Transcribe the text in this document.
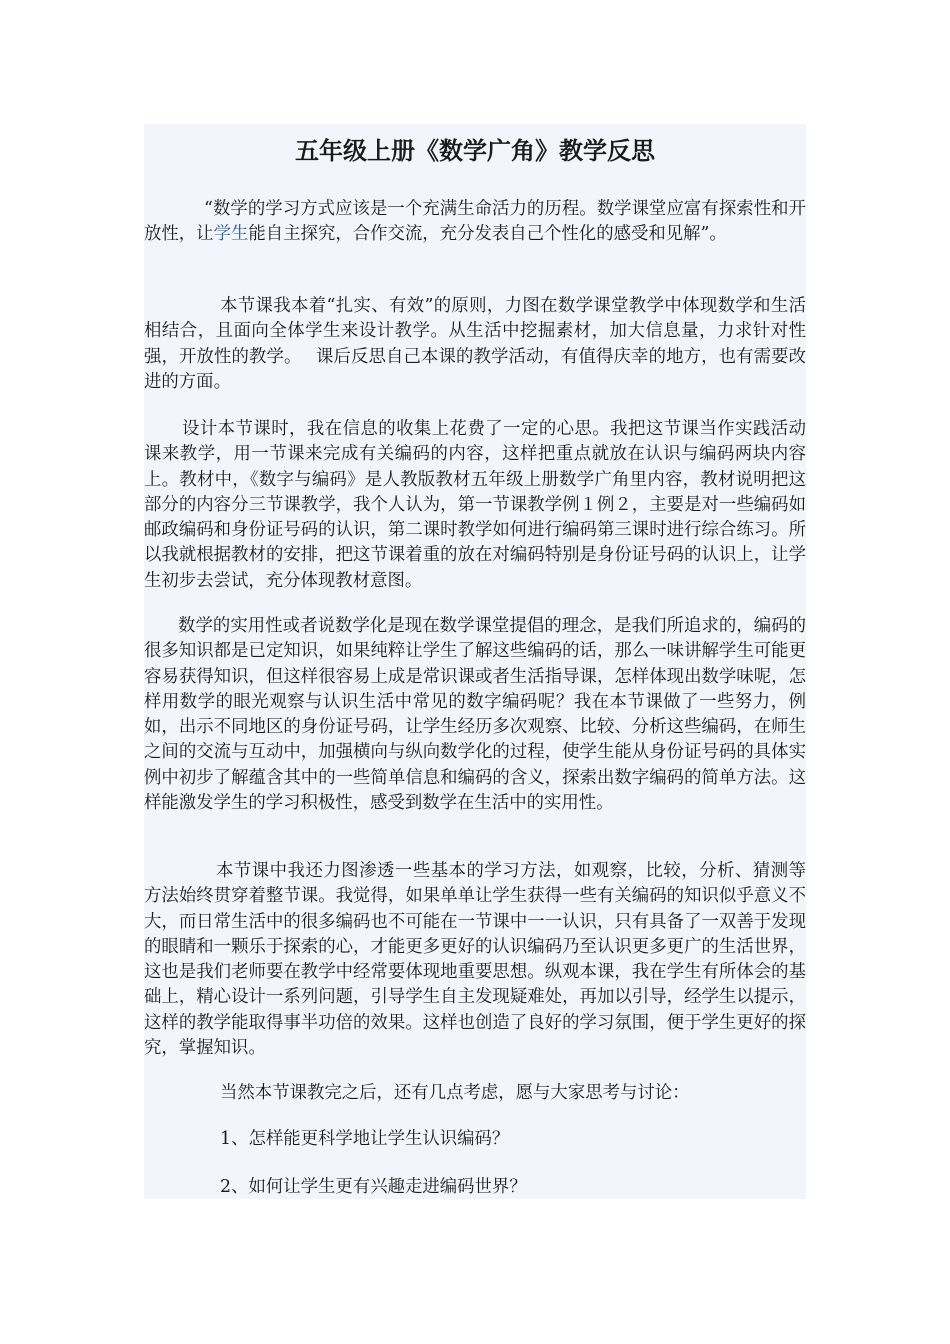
五年级上册《数学广角》教学反思

“数学的学习方式应该是一个充满生命活力的历程。数学课堂应富有探索性和开放性，让学生能自主探究，合作交流，充分发表自己个性化的感受和见解”。

本节课我本着“扎实、有效”的原则，力图在数学课堂教学中体现数学和生活相结合，且面向全体学生来设计教学。从生活中挖掘素材，加大信息量，力求针对性强，开放性的教学。　 课后反思自己本课的教学活动，有值得庆幸的地方，也有需要改进的方面。

设计本节课时，我在信息的收集上花费了一定的心思。我把这节课当作实践活动课来教学，用一节课来完成有关编码的内容，这样把重点就放在认识与编码两块内容上。教材中，《数字与编码》是人教版教材五年级上册数学广角里内容，教材说明把这部分的内容分三节课教学，我个人认为，第一节课教学例１例２，主要是对一些编码如邮政编码和身份证号码的认识，第二课时教学如何进行编码第三课时进行综合练习。所以我就根据教材的安排，把这节课着重的放在对编码特别是身份证号码的认识上，让学生初步去尝试，充分体现教材意图。

数学的实用性或者说数学化是现在数学课堂提倡的理念，是我们所追求的，编码的很多知识都是已定知识，如果纯粹让学生了解这些编码的话，那么一味讲解学生可能更容易获得知识，但这样很容易上成是常识课或者生活指导课，怎样体现出数学味呢，怎样用数学的眼光观察与认识生活中常见的数字编码呢？我在本节课做了一些努力，例如，出示不同地区的身份证号码，让学生经历多次观察、比较、分析这些编码，在师生之间的交流与互动中，加强横向与纵向数学化的过程，使学生能从身份证号码的具体实例中初步了解蕴含其中的一些简单信息和编码的含义，探索出数字编码的简单方法。这样能激发学生的学习积极性，感受到数学在生活中的实用性。

本节课中我还力图渗透一些基本的学习方法，如观察，比较，分析、猜测等方法始终贯穿着整节课。我觉得，如果单单让学生获得一些有关编码的知识似乎意义不大，而日常生活中的很多编码也不可能在一节课中一一认识，只有具备了一双善于发现的眼睛和一颗乐于探索的心，才能更多更好的认识编码乃至认识更多更广的生活世界，这也是我们老师要在教学中经常要体现地重要思想。纵观本课，我在学生有所体会的基础上，精心设计一系列问题，引导学生自主发现疑难处，再加以引导，经学生以提示，这样的教学能取得事半功倍的效果。这样也创造了良好的学习氛围，便于学生更好的探究，掌握知识。

当然本节课教完之后，还有几点考虑，愿与大家思考与讨论：

1、怎样能更科学地让学生认识编码？

2、如何让学生更有兴趣走进编码世界？
